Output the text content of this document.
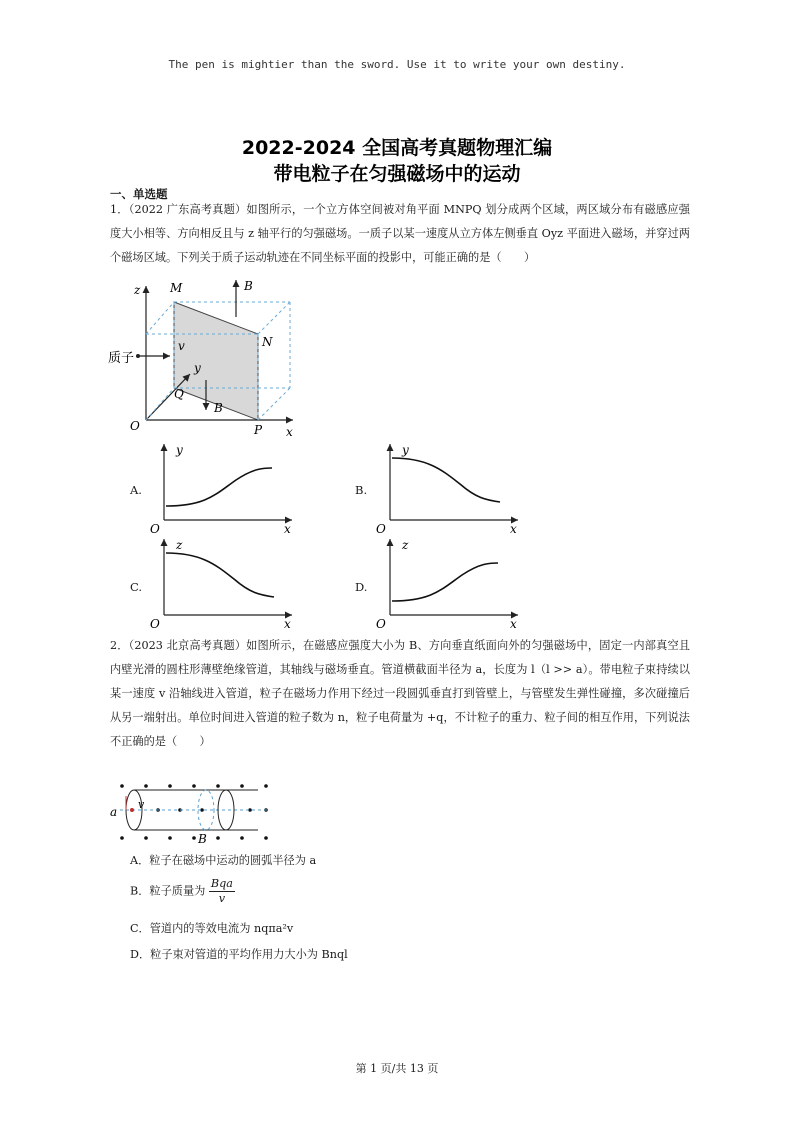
The pen is mightier than the sword. Use it to write your own destiny.
2022-2024 全国高考真题物理汇编
带电粒子在匀强磁场中的运动
一、单选题
1．（2022 广东高考真题）如图所示，一个立方体空间被对角平面 MNPQ 划分成两个区域，两区域分布有磁感应强度大小相等、方向相反且与 z 轴平行的匀强磁场。一质子以某一速度从立方体左侧垂直 Oyz 平面进入磁场，并穿过两个磁场区域。下列关于质子运动轨迹在不同坐标平面的投影中，可能正确的是（　　）
z
y
x
O
M
N
P
Q
B
B
v
质子
A.	B.
C.	D.
y
x
O
y
x
O
z
x
O
z
x
O
2．（2023 北京高考真题）如图所示，在磁感应强度大小为 B、方向垂直纸面向外的匀强磁场中，固定一内部真空且内壁光滑的圆柱形薄壁绝缘管道，其轴线与磁场垂直。管道横截面半径为 a，长度为 l（l >> a）。带电粒子束持续以某一速度 v 沿轴线进入管道，粒子在磁场力作用下经过一段圆弧垂直打到管壁上，与管壁发生弹性碰撞，多次碰撞后从另一端射出。单位时间进入管道的粒子数为 n，粒子电荷量为 +q，不计粒子的重力、粒子间的相互作用，下列说法不正确的是（　　）
a
v
B
A．粒子在磁场中运动的圆弧半径为 a
B．粒子质量为 $\frac{\text{Bqa}}{v}$
C．管道内的等效电流为 nqπa²v
D．粒子束对管道的平均作用力大小为 Bnql
第 1 页/共 13 页
